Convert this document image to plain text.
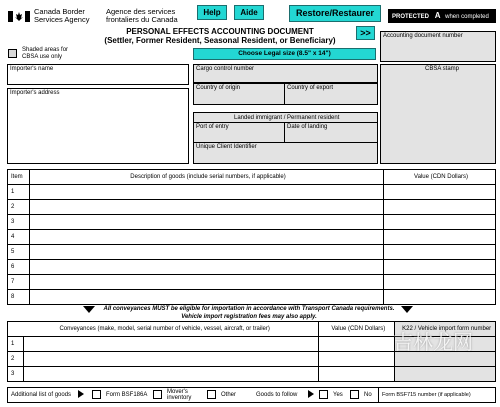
Canada Border
Services Agency
Agence des services
frontaliers du Canada
Help	Aide	Restore/Restaurer	PROTECTED A when completed
PERSONAL EFFECTS ACCOUNTING DOCUMENT
(Settler, Former Resident, Seasonal Resident, or Beneficiary)
>>
Shaded areas for
CBSA use only	Choose Legal size (8.5" x 14")
Accounting document number
Importer's name	Cargo control number	CBSA stamp
Importer's address
Country of origin	Country of export
Landed immigrant / Permanent resident
Port of entry	Date of landing
Unique Client Identifier
Item	Description of goods (include serial numbers, if applicable)	Value (CDN Dollars)
1		
2		
3		
4		
5		
6		
7		
8		
All conveyances MUST be eligible for importation in accordance with Transport Canada requirements.
Vehicle import registration fees may also apply.
Conveyances (make, model, serial number of vehicle, vessel, aircraft, or trailer)		Value (CDN Dollars)	K22 / Vehicle import form number
1			
2			
3			
Additional list of goods	Form BSF186A	Mover's
inventory	Other	Goods to follow	Yes	No Form BSF715 number (if applicable)
吉林龙网
